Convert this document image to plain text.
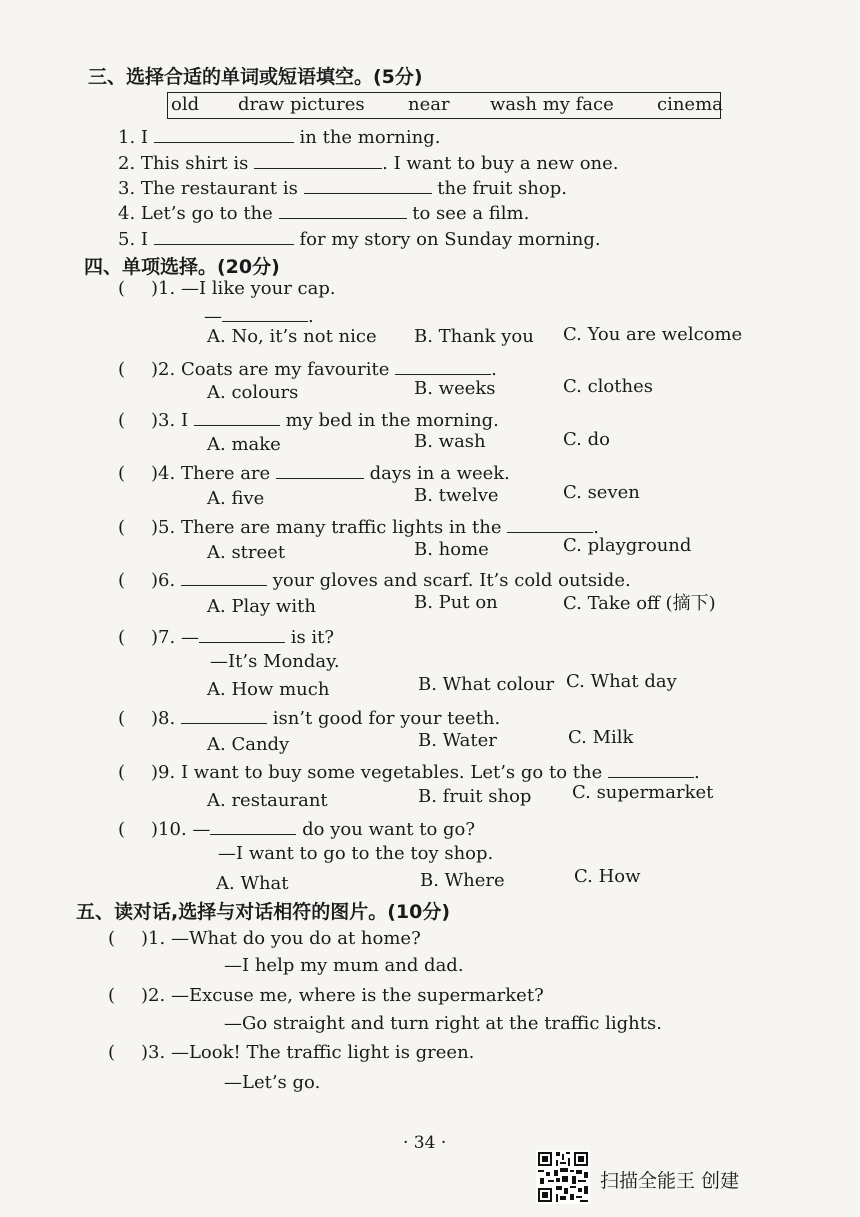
三、选择合适的单词或短语填空。(5分)
old draw pictures near wash my face cinema
1. I	in the morning.
2. This shirt is	. I want to buy a new one.
3. The restaurant is	the fruit shop.
4. Let’s go to the	to see a film.
5. I	for my story on Sunday morning.
四、单项选择。(20分)
( )1. —I like your cap.
—	.
A. No, it’s not nice B. Thank you C. You are welcome
( )2. Coats are my favourite	.
A. colours	B. weeks	C. clothes
( )3. I	my bed in the morning.
A. make	B. wash	C. do
( )4. There are	days in a week.
A. five	B. twelve	C. seven
( )5. There are many traffic lights in the	.
A. street	B. home	C. playground
( )6.	your gloves and scarf. It’s cold outside.
A. Play with	B. Put on	C. Take off (摘下)
( )7. —	is it?
—It’s Monday.
A. How much	B. What colour C. What day
( )8.	isn’t good for your teeth.
A. Candy	B. Water	C. Milk
( )9. I want to buy some vegetables. Let’s go to the	.
A. restaurant	B. fruit shop C. supermarket
( )10. —	do you want to go?
—I want to go to the toy shop.
A. What	B. Where	C. How
五、读对话,选择与对话相符的图片。(10分)
( )1. —What do you do at home?
—I help my mum and dad.
( )2. —Excuse me, where is the supermarket?
—Go straight and turn right at the traffic lights.
( )3. —Look! The traffic light is green.
—Let’s go.
· 34 ·
扫描全能王 创建
